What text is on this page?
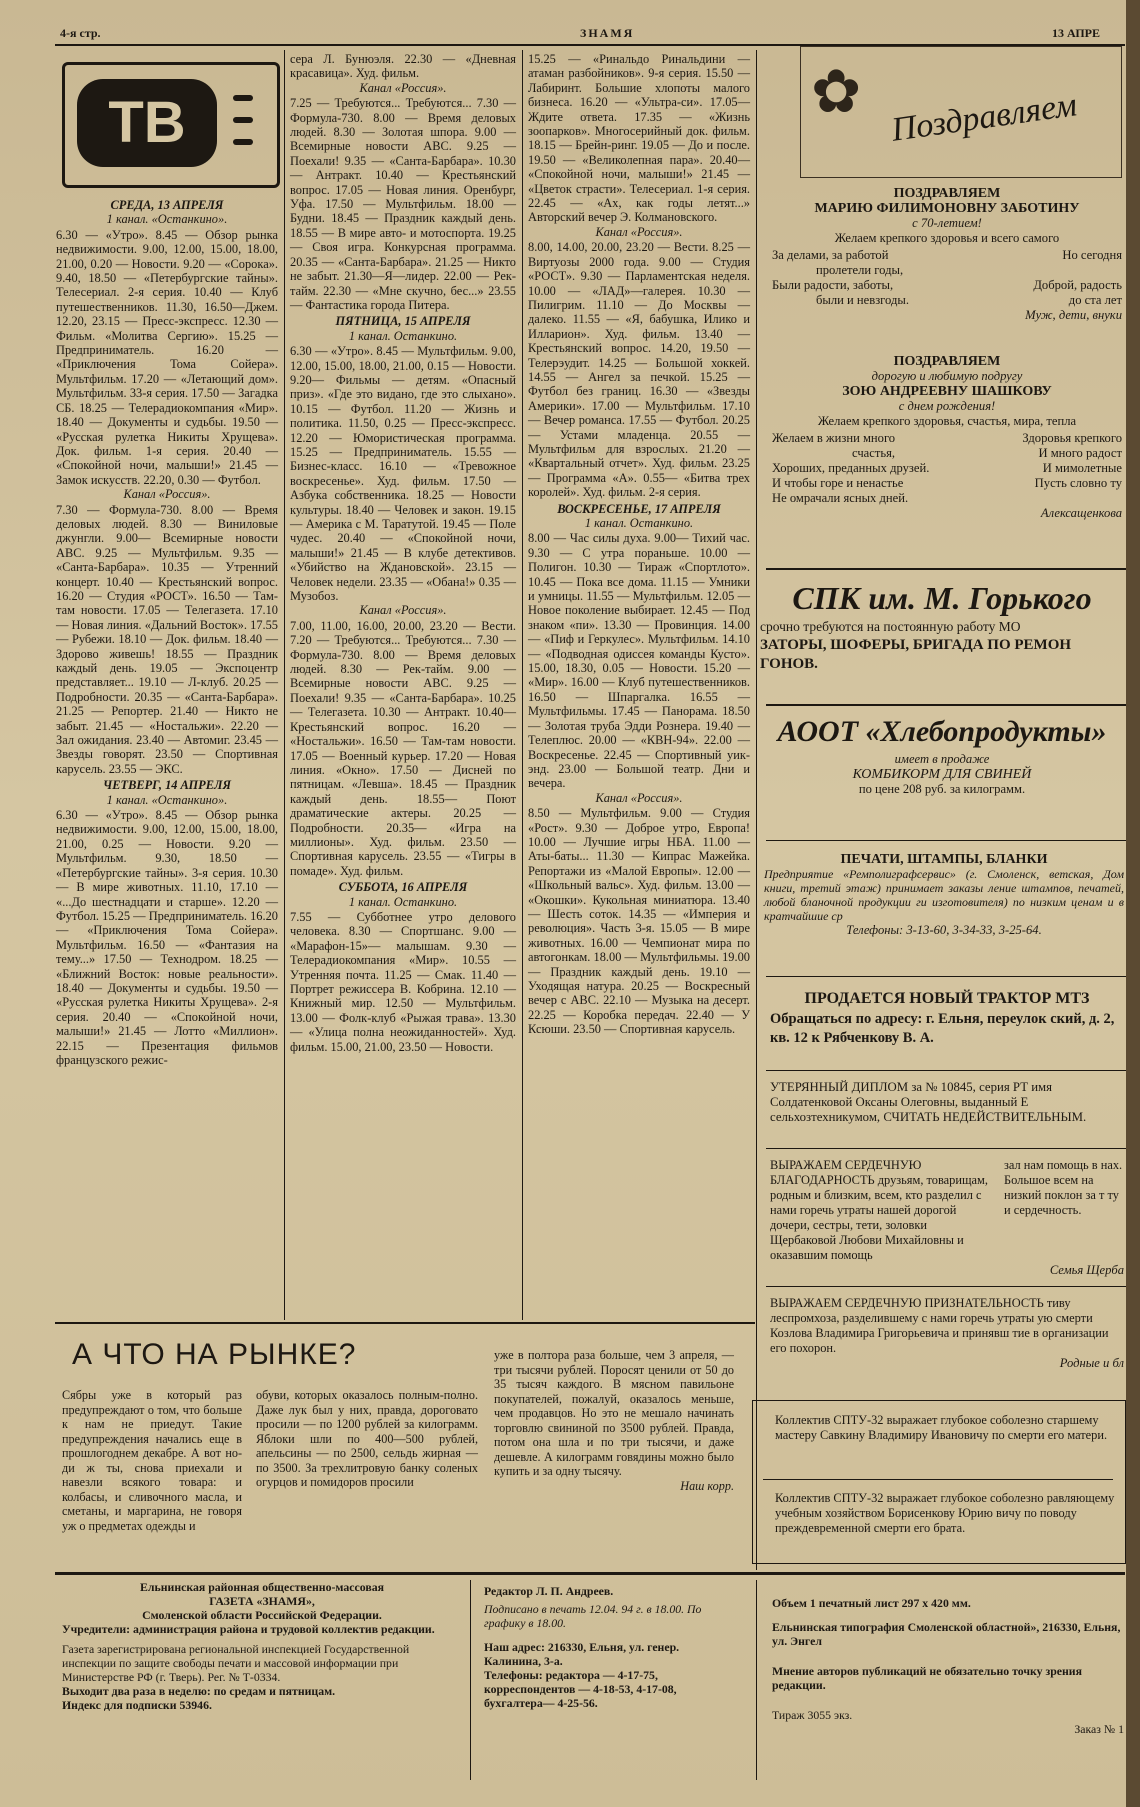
4-я стр.	ЗНАМЯ	13 АПРЕ
ТВ
СРЕДА, 13 АПРЕЛЯ
1 канал. «Останкино».
6.30 — «Утро». 8.45 — Обзор рынка недвижимости. 9.00, 12.00, 15.00, 18.00, 21.00, 0.20 — Новости. 9.20 — «Сорока». 9.40, 18.50 — «Петербургские тайны». Телесериал. 2-я серия. 10.40 — Клуб путешественников. 11.30, 16.50—Джем. 12.20, 23.15 — Пресс-экспресс. 12.30 — Фильм. «Молитва Сергию». 15.25 — Предприниматель. 16.20 — «Приключения Тома Сойера». Мультфильм. 17.20 — «Летающий дом». Мультфильм. 33-я серия. 17.50 — Загадка СБ. 18.25 — Телерадиокомпания «Мир». 18.40 — Документы и судьбы. 19.50 — «Русская рулетка Никиты Хрущева». Док. фильм. 1-я серия. 20.40 — «Спокойной ночи, малыши!» 21.45 — Замок искусств. 22.20, 0.30 — Футбол.
Канал «Россия».
7.30 — Формула-730. 8.00 — Время деловых людей. 8.30 — Виниловые джунгли. 9.00— Всемирные новости ABC. 9.25 — Мультфильм. 9.35 — «Санта-Барбара». 10.35 — Утренний концерт. 10.40 — Крестьянский вопрос. 16.20 — Студия «РОСТ». 16.50 — Там-там новости. 17.05 — Телегазета. 17.10 — Новая линия. «Дальний Восток». 17.55 — Рубежи. 18.10 — Док. фильм. 18.40 — Здорово живешь! 18.55 — Праздник каждый день. 19.05 — Экспоцентр представляет... 19.10 — Л-клуб. 20.25 — Подробности. 20.35 — «Санта-Барбара». 21.25 — Репортер. 21.40 — Никто не забыт. 21.45 — «Ностальжи». 22.20 — Зал ожидания. 23.40 — Автомиг. 23.45 — Звезды говорят. 23.50 — Спортивная карусель. 23.55 — ЭКС.
ЧЕТВЕРГ, 14 АПРЕЛЯ
1 канал. «Останкино».
6.30 — «Утро». 8.45 — Обзор рынка недвижимости. 9.00, 12.00, 15.00, 18.00, 21.00, 0.25 — Новости. 9.20 — Мультфильм. 9.30, 18.50 — «Петербургские тайны». 3-я серия. 10.30 — В мире животных. 11.10, 17.10 — «...До шестнадцати и старше». 12.20 — Футбол. 15.25 — Предприниматель. 16.20 — «Приключения Тома Сойера». Мультфильм. 16.50 — «Фантазия на тему...» 17.50 — Технодром. 18.25 — «Ближний Восток: новые реальности». 18.40 — Документы и судьбы. 19.50 — «Русская рулетка Никиты Хрущева». 2-я серия. 20.40 — «Спокойной ночи, малыши!» 21.45 — Лотто «Миллион». 22.15 — Презентация фильмов французского режис-
сера Л. Бунюэля. 22.30 — «Дневная красавица». Худ. фильм.
Канал «Россия».
7.25 — Требуются... Требуются... 7.30 — Формула-730. 8.00 — Время деловых людей. 8.30 — Золотая шпора. 9.00 — Всемирные новости ABC. 9.25 — Поехали! 9.35 — «Санта-Барбара». 10.30 — Антракт. 10.40 — Крестьянский вопрос. 17.05 — Новая линия. Оренбург, Уфа. 17.50 — Мультфильм. 18.00 — Будни. 18.45 — Праздник каждый день. 18.55 — В мире авто- и мотоспорта. 19.25 — Своя игра. Конкурсная программа. 20.35 — «Санта-Барбара». 21.25 — Никто не забыт. 21.30—Я—лидер. 22.00 — Рек-тайм. 22.30 — «Мне скучно, бес...» 23.55 — Фантастика города Питера.
ПЯТНИЦА, 15 АПРЕЛЯ
1 канал. Останкино.
6.30 — «Утро». 8.45 — Мультфильм. 9.00, 12.00, 15.00, 18.00, 21.00, 0.15 — Новости. 9.20— Фильмы — детям. «Опасный приз». «Где это видано, где это слыхано». 10.15 — Футбол. 11.20 — Жизнь и политика. 11.50, 0.25 — Пресс-экспресс. 12.20 — Юмористическая программа. 15.25 — Предприниматель. 15.55 — Бизнес-класс. 16.10 — «Тревожное воскресенье». Худ. фильм. 17.50 — Азбука собственника. 18.25 — Новости культуры. 18.40 — Человек и закон. 19.15 — Америка с М. Таратутой. 19.45 — Поле чудес. 20.40 — «Спокойной ночи, малыши!» 21.45 — В клубе детективов. «Убийство на Ждановской». 23.15 — Человек недели. 23.35 — «Обана!» 0.35 — Музобоз.
Канал «Россия».
7.00, 11.00, 16.00, 20.00, 23.20 — Вести. 7.20 — Требуются... Требуются... 7.30 — Формула-730. 8.00 — Время деловых людей. 8.30 — Рек-тайм. 9.00 — Всемирные новости ABC. 9.25 — Поехали! 9.35 — «Санта-Барбара». 10.25 — Телегазета. 10.30 — Антракт. 10.40— Крестьянский вопрос. 16.20 — «Ностальжи». 16.50 — Там-там новости. 17.05 — Военный курьер. 17.20 — Новая линия. «Окно». 17.50 — Дисней по пятницам. «Левша». 18.45 — Праздник каждый день. 18.55— Поют драматические актеры. 20.25 — Подробности. 20.35— «Игра на миллионы». Худ. фильм. 23.50 — Спортивная карусель. 23.55 — «Тигры в помаде». Худ. фильм.
СУББОТА, 16 АПРЕЛЯ
1 канал. Останкино.
7.55 — Субботнее утро делового человека. 8.30 — Спортшанс. 9.00 — «Марафон-15»— малышам. 9.30 — Телерадиокомпания «Мир». 10.55 — Утренняя почта. 11.25 — Смак. 11.40 — Портрет режиссера В. Кобрина. 12.10 — Книжный мир. 12.50 — Мультфильм. 13.00 — Фолк-клуб «Рыжая трава». 13.30 — «Улица полна неожиданностей». Худ. фильм. 15.00, 21.00, 23.50 — Новости.
15.25 — «Ринальдо Ринальдини — атаман разбойников». 9-я серия. 15.50 — Лабиринт. Большие хлопоты малого бизнеса. 16.20 — «Ультра-си». 17.05— Ждите ответа. 17.35 — «Жизнь зоопарков». Многосерийный док. фильм. 18.15 — Брейн-ринг. 19.05 — До и после. 19.50 — «Великолепная пара». 20.40— «Спокойной ночи, малыши!» 21.45 — «Цветок страсти». Телесериал. 1-я серия. 22.45 — «Ах, как годы летят...» Авторский вечер Э. Колмановского.
Канал «Россия».
8.00, 14.00, 20.00, 23.20 — Вести. 8.25 — Виртуозы 2000 года. 9.00 — Студия «РОСТ». 9.30 — Парламентская неделя. 10.00 — «ЛАД»—галерея. 10.30 — Пилигрим. 11.10 — До Москвы — далеко. 11.55 — «Я, бабушка, Илико и Илларион». Худ. фильм. 13.40 — Крестьянский вопрос. 14.20, 19.50 — Телерэудит. 14.25 — Большой хоккей. 14.55 — Ангел за печкой. 15.25 — Футбол без границ. 16.30 — «Звезды Америки». 17.00 — Мультфильм. 17.10 — Вечер романса. 17.55 — Футбол. 20.25 — Устами младенца. 20.55 — Мультфильм для взрослых. 21.20 — «Квартальный отчет». Худ. фильм. 23.25 — Программа «А». 0.55— «Битва трех королей». Худ. фильм. 2-я серия.
ВОСКРЕСЕНЬЕ, 17 АПРЕЛЯ
1 канал. Останкино.
8.00 — Час силы духа. 9.00— Тихий час. 9.30 — С утра пораньше. 10.00 — Полигон. 10.30 — Тираж «Спортлото». 10.45 — Пока все дома. 11.15 — Умники и умницы. 11.55 — Мультфильм. 12.05 — Новое поколение выбирает. 12.45 — Под знаком «пи». 13.30 — Провинция. 14.00 — «Пиф и Геркулес». Мультфильм. 14.10 — «Подводная одиссея команды Кусто». 15.00, 18.30, 0.05 — Новости. 15.20 — «Мир». 16.00 — Клуб путешественников. 16.50 — Шпаргалка. 16.55 — Мультфильмы. 17.45 — Панорама. 18.50 — Золотая труба Эдди Рознера. 19.40 — Телеплюс. 20.00 — «КВН-94». 22.00 — Воскресенье. 22.45 — Спортивный уик-энд. 23.00 — Большой театр. Дни и вечера.
Канал «Россия».
8.50 — Мультфильм. 9.00 — Студия «Рост». 9.30 — Доброе утро, Европа! 10.00 — Лучшие игры НБА. 11.00 — Аты-баты... 11.30 — Кипрас Мажейка. Репортажи из «Малой Европы». 12.00 — «Школьный вальс». Худ. фильм. 13.00 — «Окошки». Кукольная миниатюра. 13.40 — Шесть соток. 14.35 — «Империя и революция». Часть 3-я. 15.05 — В мире животных. 16.00 — Чемпионат мира по автогонкам. 18.00 — Мультфильмы. 19.00 — Праздник каждый день. 19.10 — Уходящая натура. 20.25 — Воскресный вечер с ABC. 22.10 — Музыка на десерт. 22.25 — Коробка передач. 22.40 — У Ксюши. 23.50 — Спортивная карусель.
✿ Поздравляем
ПОЗДРАВЛЯЕМ
МАРИЮ ФИЛИМОНОВНУ ЗАБОТИНУ
с 70-летием!
Желаем крепкого здоровья и всего самого
За делами, за работой
пролетели годы,
Были радости, заботы,
были и невзгоды.
Но сегодня

Доброй, радость
до ста лет
Муж, дети, внуки
ПОЗДРАВЛЯЕМ
дорогую и любимую подругу
ЗОЮ АНДРЕЕВНУ ШАШКОВУ
с днем рождения!
Желаем крепкого здоровья, счастья, мира, тепла
Желаем в жизни много
счастья,
Хороших, преданных друзей.
И чтобы горе и ненастье
Не омрачали ясных дней.
Здоровья крепкого
И много радост
И мимолетные
Пусть словно ту
Алексащенкова
СПК им. М. Горького
срочно требуются на постоянную работу МО
ЗАТОРЫ, ШОФЕРЫ, БРИГАДА ПО РЕМОН
ГОНОВ.
АООТ «Хлебопродукты»
имеет в продаже
КОМБИКОРМ ДЛЯ СВИНЕЙ
по цене 208 руб. за килограмм.
ПЕЧАТИ, ШТАМПЫ, БЛАНКИ
Предприятие «Ремполиграфсервис» (г. Смоленск, ветская, Дом книги, третий этаж) принимает заказы ление штампов, печатей, любой бланочной продукции ги изготовителя) по низким ценам и в кратчайшие ср
Телефоны: 3-13-60, 3-34-33, 3-25-64.
ПРОДАЕТСЯ НОВЫЙ ТРАКТОР МТЗ
Обращаться по адресу: г. Ельня, переулок ский, д. 2, кв. 12 к Рябченкову В. А.
УТЕРЯННЫЙ ДИПЛОМ за № 10845, серия РТ имя Солдатенковой Оксаны Олеговны, выданный Е сельхозтехникумом, СЧИТАТЬ НЕДЕЙСТВИТЕЛЬНЫМ.
ВЫРАЖАЕМ СЕРДЕЧНУЮ БЛАГОДАРНОСТЬ друзьям, товарищам, родным и близким, всем, кто разделил с нами горечь утраты нашей дорогой дочери, сестры, тети, золовки Щербаковой Любови Михайловны и оказавшим помощь
зал нам помощь в нах. Большое всем на низкий поклон за т ту и сердечность.
Семья Щерба
ВЫРАЖАЕМ СЕРДЕЧНУЮ ПРИЗНАТЕЛЬНОСТЬ тиву леспромхоза, разделившему с нами горечь утраты ую смерти Козлова Владимира Григорьевича и принявш тие в организации его похорон.
Родные и бл
Коллектив СПТУ-32 выражает глубокое соболезно старшему мастеру Савкину Владимиру Ивановичу по смерти его матери.
Коллектив СПТУ-32 выражает глубокое соболезно равляющему учебным хозяйством Борисенкову Юрию вичу по поводу преждевременной смерти его брата.
А ЧТО НА РЫНКЕ?
Сябры уже в который раз предупреждают о том, что больше к нам не приедут. Такие предупреждения начались еще в прошлогоднем декабре. А вот но-ди ж ты, снова приехали и навезли всякого товара: и колбасы, и сливочного масла, и сметаны, и маргарина, не говоря уж о предметах одежды и
обуви, которых оказалось полным-полно. Даже лук был у них, правда, дороговато просили — по 1200 рублей за килограмм. Яблоки шли по 400—500 рублей, апельсины — по 2500, сельдь жирная — по 3500. За трехлитровую банку соленых огурцов и помидоров просили
уже в полтора раза больше, чем 3 апреля, — три тысячи рублей. Поросят ценили от 50 до 35 тысяч каждого. В мясном павильоне покупателей, пожалуй, оказалось меньше, чем продавцов. Но это не мешало начинать торговлю свининой по 3500 рублей. Правда, потом она шла и по три тысячи, и даже дешевле. А килограмм говядины можно было купить и за одну тысячу.
Наш корр.
Ельнинская районная общественно-массовая
ГАЗЕТА «ЗНАМЯ»,
Смоленской области Российской Федерации.
Учредители: администрация района и трудовой коллектив редакции.
Газета зарегистрирована региональной инспекцией Государственной инспекции по защите свободы печати и массовой информации при Министерстве РФ (г. Тверь). Рег. № Т-0334.
Выходит два раза в неделю: по средам и пятницам.
Индекс для подписки 53946.
Редактор Л. П. Андреев.
Подписано в печать 12.04. 94 г. в 18.00. По графику в 18.00.
Наш адрес: 216330, Ельня, ул. генер. Калинина, 3-а.
Телефоны: редактора — 4-17-75, корреспондентов — 4-18-53, 4-17-08, бухгалтера— 4-25-56.
Объем 1 печатный лист 297 х 420 мм.
Ельнинская типография Смоленской областной», 216330, Ельня, ул. Энгел
Мнение авторов публикаций не обязательно точку зрения редакции.
Тираж 3055 экз.
Заказ № 1
